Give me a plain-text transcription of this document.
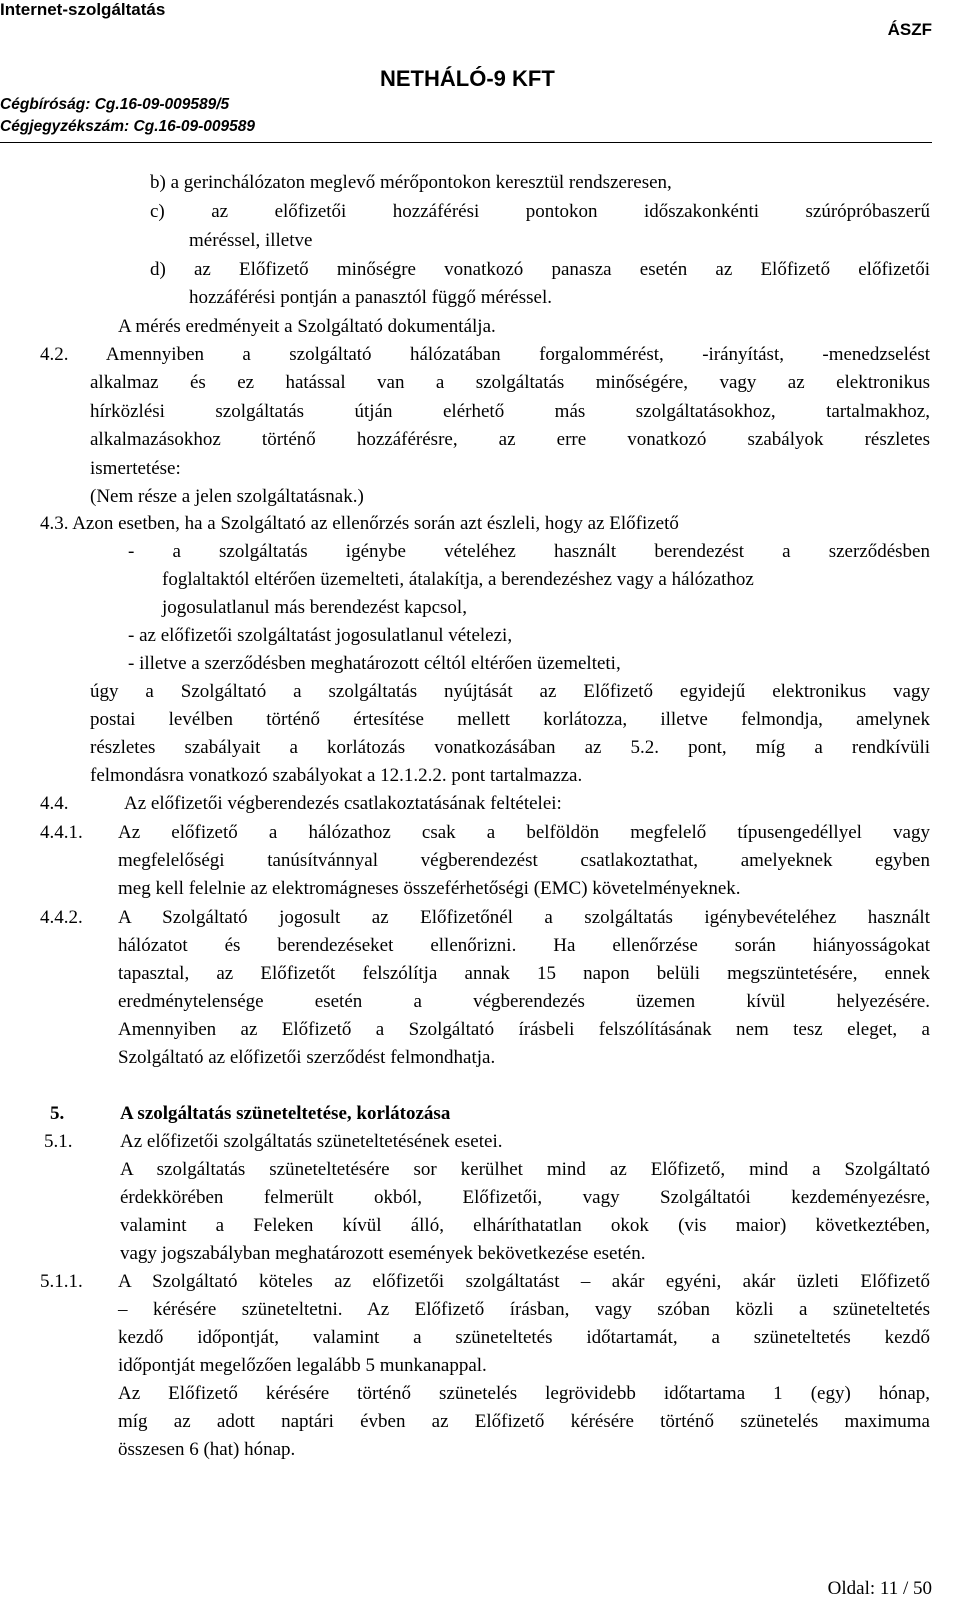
Internet-szolgáltatás
ÁSZF
NETHÁLÓ-9 KFT
Cégbíróság: Cg.16-09-009589/5
Cégjegyzékszám: Cg.16-09-009589
b) a gerinchálózaton meglevő mérőpontokon keresztül rendszeresen,
c) az előfizetői hozzáférési pontokon időszakonkénti szúrópróbaszerű
méréssel, illetve
d) az Előfizető minőségre vonatkozó panasza esetén az Előfizető előfizetői
hozzáférési pontján a panasztól függő méréssel.
A mérés eredményeit a Szolgáltató dokumentálja.
4.2. Amennyiben a szolgáltató hálózatában forgalommérést, -irányítást, -menedzselést
alkalmaz és ez hatással van a szolgáltatás minőségére, vagy az elektronikus
hírközlési szolgáltatás útján elérhető más szolgáltatásokhoz, tartalmakhoz,
alkalmazásokhoz történő hozzáférésre, az erre vonatkozó szabályok részletes
ismertetése:
(Nem része a jelen szolgáltatásnak.)
4.3. Azon esetben, ha a Szolgáltató az ellenőrzés során azt észleli, hogy az Előfizető
- a szolgáltatás igénybe vételéhez használt berendezést a szerződésben
foglaltaktól eltérően üzemelteti, átalakítja, a berendezéshez vagy a hálózathoz
jogosulatlanul más berendezést kapcsol,
- az előfizetői szolgáltatást jogosulatlanul vételezi,
- illetve a szerződésben meghatározott céltól eltérően üzemelteti,
úgy a Szolgáltató a szolgáltatás nyújtását az Előfizető egyidejű elektronikus vagy
postai levélben történő értesítése mellett korlátozza, illetve felmondja, amelynek
részletes szabályait a korlátozás vonatkozásában az 5.2. pont, míg a rendkívüli
felmondásra vonatkozó szabályokat a 12.1.2.2. pont tartalmazza.
4.4.	Az előfizetői végberendezés csatlakoztatásának feltételei:
4.4.1. Az előfizető a hálózathoz csak a belföldön megfelelő típusengedéllyel vagy
megfelelőségi tanúsítvánnyal végberendezést csatlakoztathat, amelyeknek egyben
meg kell felelnie az elektromágneses összeférhetőségi (EMC) követelményeknek.
4.4.2. A Szolgáltató jogosult az Előfizetőnél a szolgáltatás igénybevételéhez használt
hálózatot és berendezéseket ellenőrizni. Ha ellenőrzése során hiányosságokat
tapasztal, az Előfizetőt felszólítja annak 15 napon belüli megszüntetésére, ennek
eredménytelensége esetén a végberendezés üzemen kívül helyezésére.
Amennyiben az Előfizető a Szolgáltató írásbeli felszólításának nem tesz eleget, a
Szolgáltató az előfizetői szerződést felmondhatja.
5.	A szolgáltatás szüneteltetése, korlátozása
5.1.	Az előfizetői szolgáltatás szüneteltetésének esetei.
A szolgáltatás szüneteltetésére sor kerülhet mind az Előfizető, mind a Szolgáltató
érdekkörében felmerült okból, Előfizetői, vagy Szolgáltatói kezdeményezésre,
valamint a Feleken kívül álló, elháríthatatlan okok (vis maior) következtében,
vagy jogszabályban meghatározott események bekövetkezése esetén.
5.1.1. A Szolgáltató köteles az előfizetői szolgáltatást – akár egyéni, akár üzleti Előfizető
– kérésére szüneteltetni. Az Előfizető írásban, vagy szóban közli a szüneteltetés
kezdő időpontját, valamint a szüneteltetés időtartamát, a szüneteltetés kezdő
időpontját megelőzően legalább 5 munkanappal.
Az Előfizető kérésére történő szünetelés legrövidebb időtartama 1 (egy) hónap,
míg az adott naptári évben az Előfizető kérésére történő szünetelés maximuma
összesen 6 (hat) hónap.
Oldal: 11 / 50
